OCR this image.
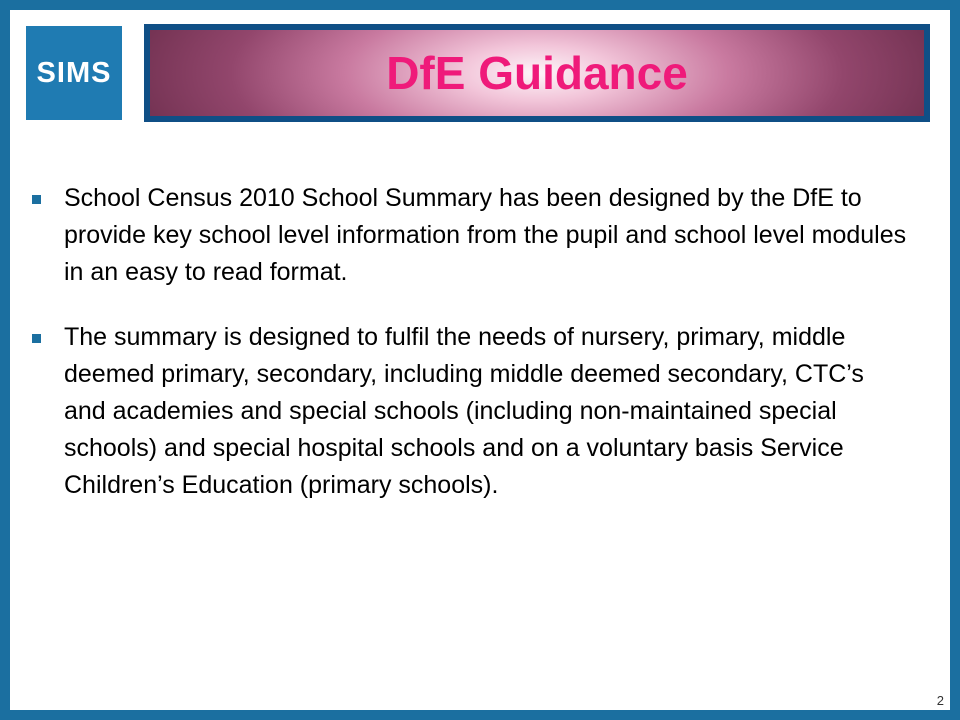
SIMS	DfE Guidance
School Census 2010 School Summary has been designed by the DfE to provide key school level information from the pupil and school level modules in an easy to read format.
The summary is designed to fulfil the needs of nursery, primary, middle deemed primary, secondary, including middle deemed secondary, CTC’s and academies and special schools (including non-maintained special schools) and special hospital schools and on a voluntary basis Service Children’s Education (primary schools).
2
